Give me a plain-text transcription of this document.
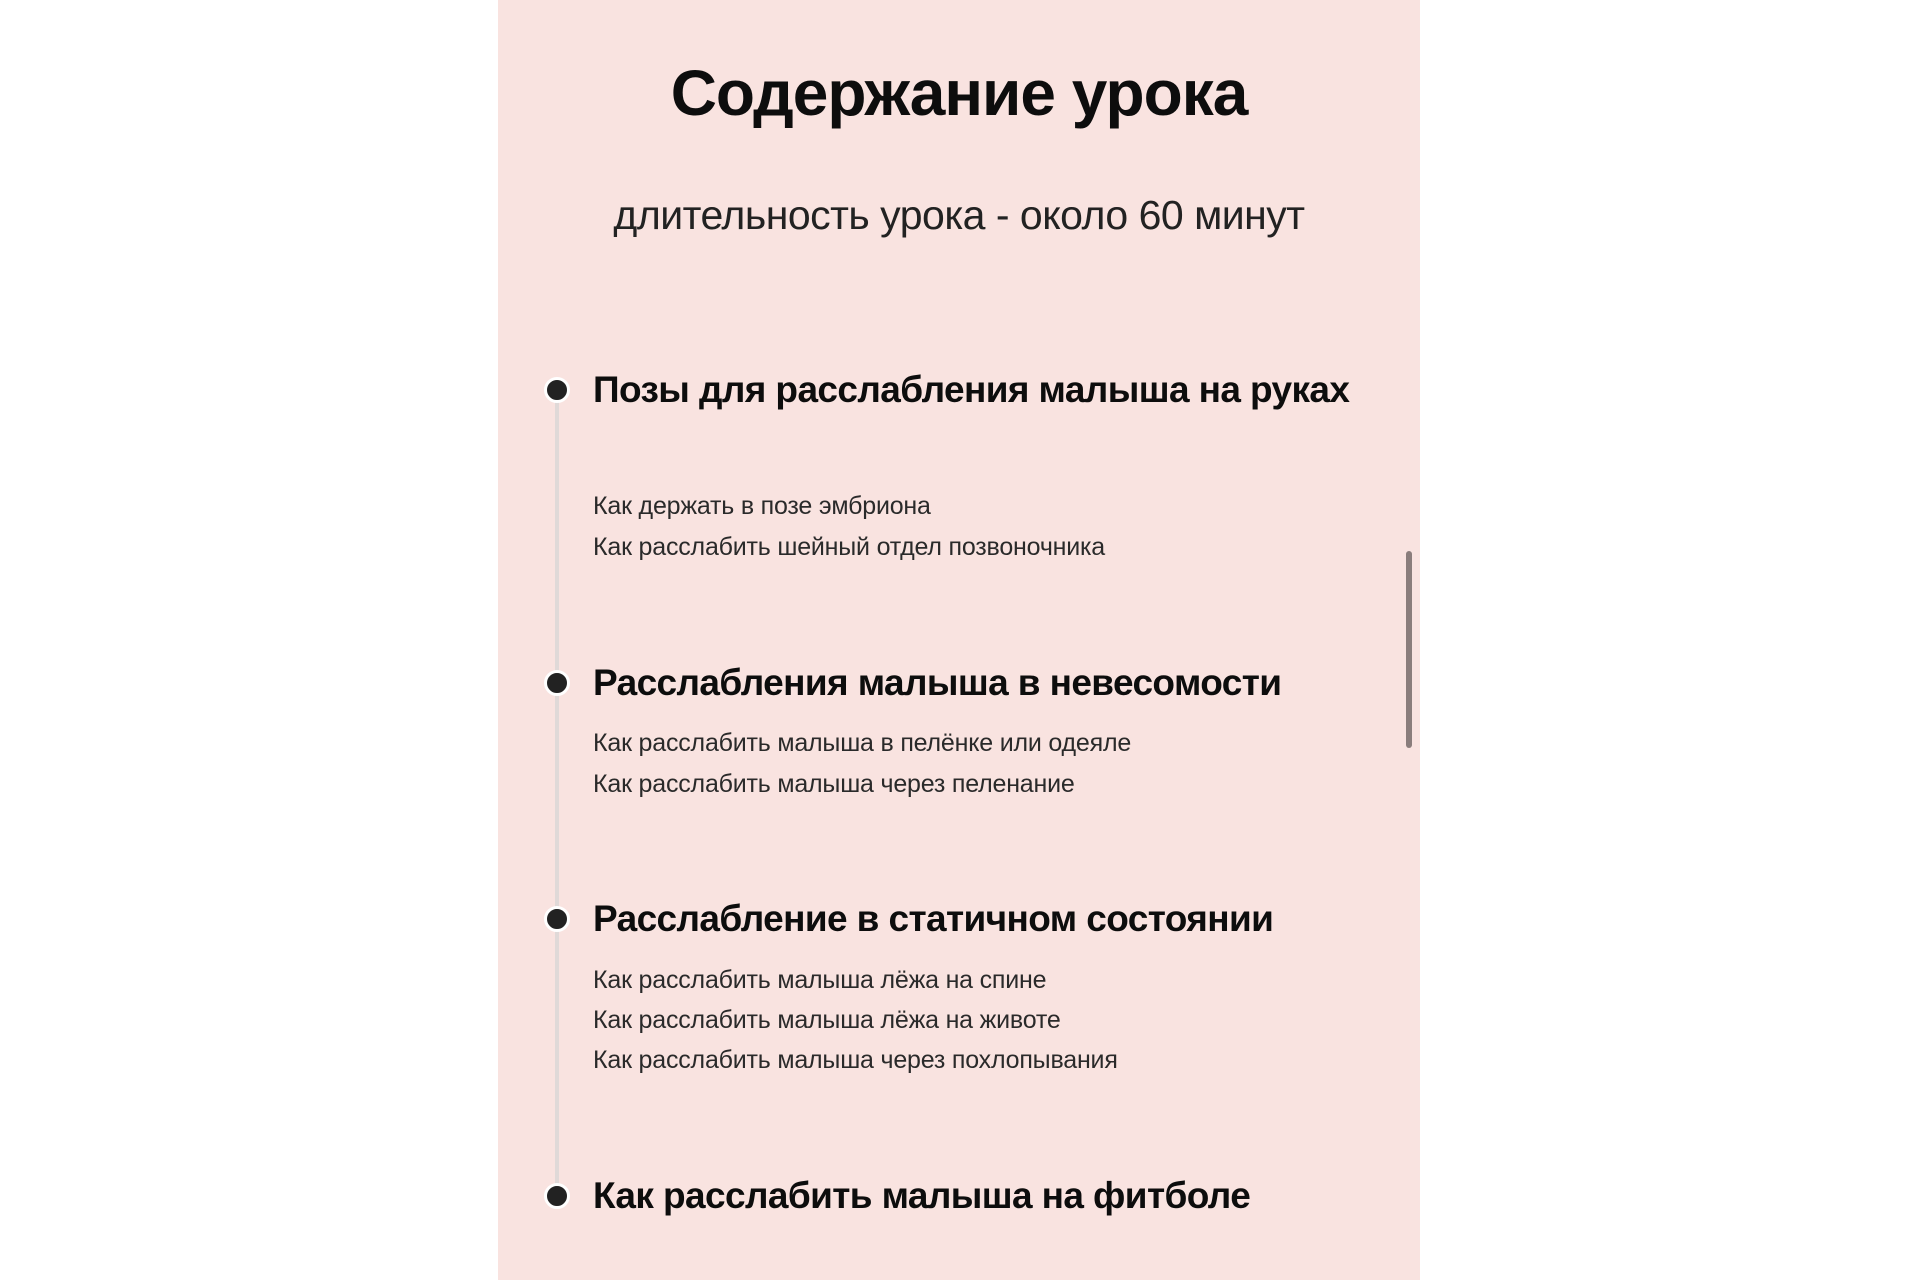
Содержание урока
длительность урока - около 60 минут
Позы для расслабления малыша на руках
Как держать в позе эмбриона
Как расслабить шейный отдел позвоночника
Расслабления малыша в невесомости
Как расслабить малыша в пелёнке или одеяле
Как расслабить малыша через пеленание
Расслабление в статичном состоянии
Как расслабить малыша лёжа на спине
Как расслабить малыша лёжа на животе
Как расслабить малыша через похлопывания
Как расслабить малыша на фитболе
